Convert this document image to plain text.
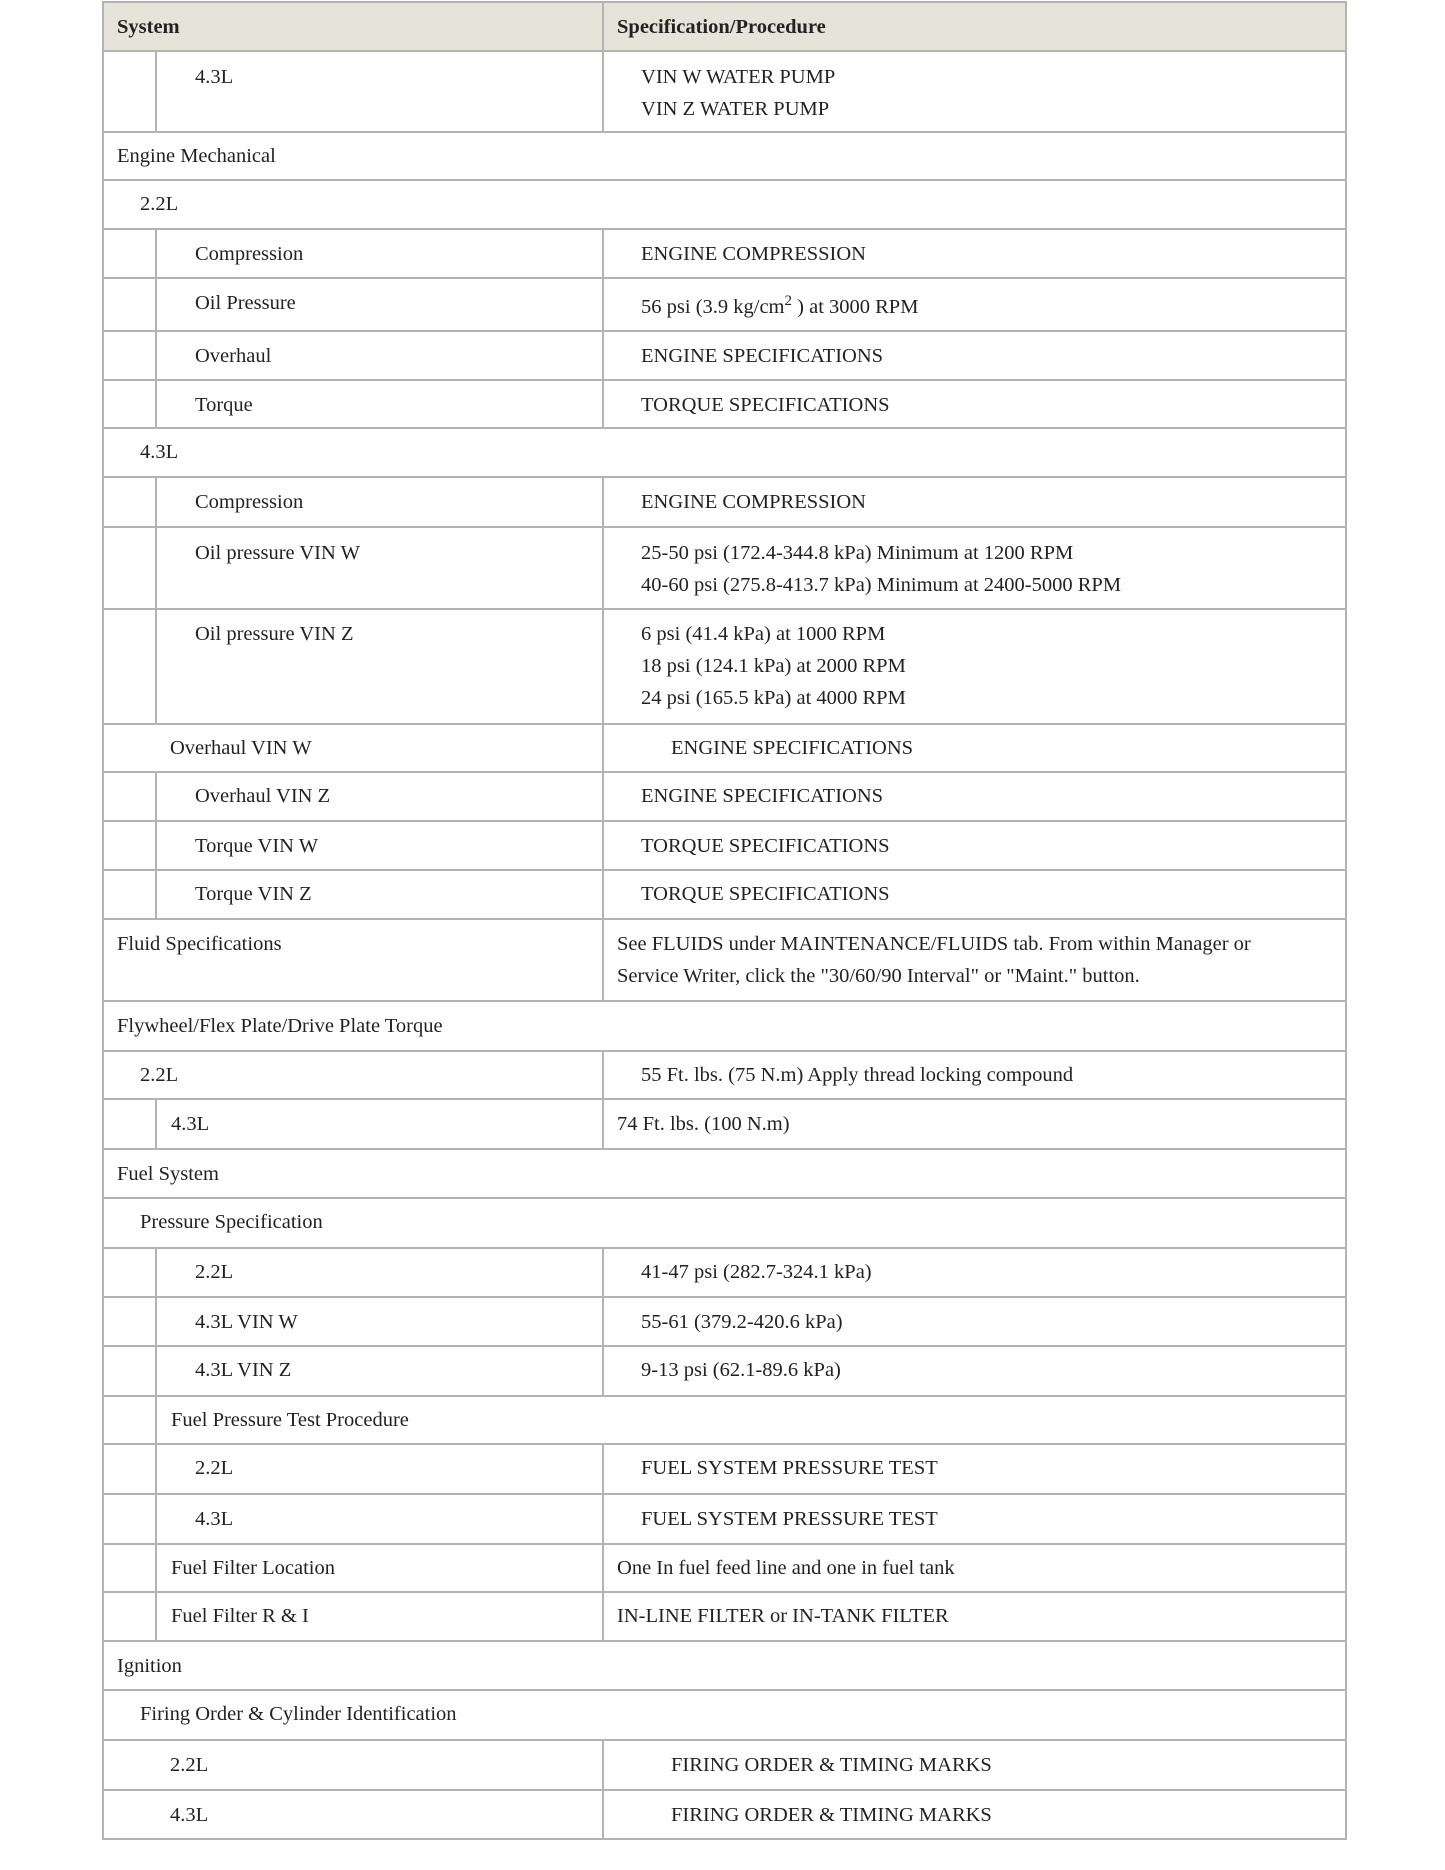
System		Specification/Procedure
	4.3L	VIN W WATER PUMP
VIN Z WATER PUMP

Engine Mechanical		
2.2L		
	Compression	ENGINE COMPRESSION
	Oil Pressure	56 psi (3.9 $kg/cm^2$ ) at 3000 RPM
	Overhaul	ENGINE SPECIFICATIONS
	Torque	TORQUE SPECIFICATIONS
4.3L		
	Compression	ENGINE COMPRESSION
	Oil pressure VIN W	25-50 psi (172.4-344.8 kPa) Minimum at 1200 RPM
40-60 psi (275.8-413.7 kPa) Minimum at 2400-5000 RPM

	Oil pressure VIN Z	6 psi (41.4 kPa) at 1000 RPM
18 psi (124.1 kPa) at 2000 RPM
24 psi (165.5 kPa) at 4000 RPM

Overhaul VIN W		ENGINE SPECIFICATIONS
	Overhaul VIN Z	ENGINE SPECIFICATIONS
	Torque VIN W	TORQUE SPECIFICATIONS
	Torque VIN Z	TORQUE SPECIFICATIONS
Fluid Specifications		See FLUIDS under MAINTENANCE/FLUIDS tab. From within Manager or
Service Writer, click the "30/60/90 Interval" or "Maint." button.

Flywheel/Flex Plate/Drive Plate Torque		
2.2L		55 Ft. lbs. (75 N.m) Apply thread locking compound
	4.3L	74 Ft. lbs. (100 N.m)
Fuel System		
Pressure Specification		
	2.2L	41-47 psi (282.7-324.1 kPa)
	4.3L VIN W	55-61 (379.2-420.6 kPa)
	4.3L VIN Z	9-13 psi (62.1-89.6 kPa)
	Fuel Pressure Test Procedure	
	2.2L	FUEL SYSTEM PRESSURE TEST
	4.3L	FUEL SYSTEM PRESSURE TEST
	Fuel Filter Location	One In fuel feed line and one in fuel tank
	Fuel Filter R & I	IN-LINE FILTER or IN-TANK FILTER
Ignition		
Firing Order & Cylinder Identification		
2.2L		FIRING ORDER & TIMING MARKS
4.3L		FIRING ORDER & TIMING MARKS
